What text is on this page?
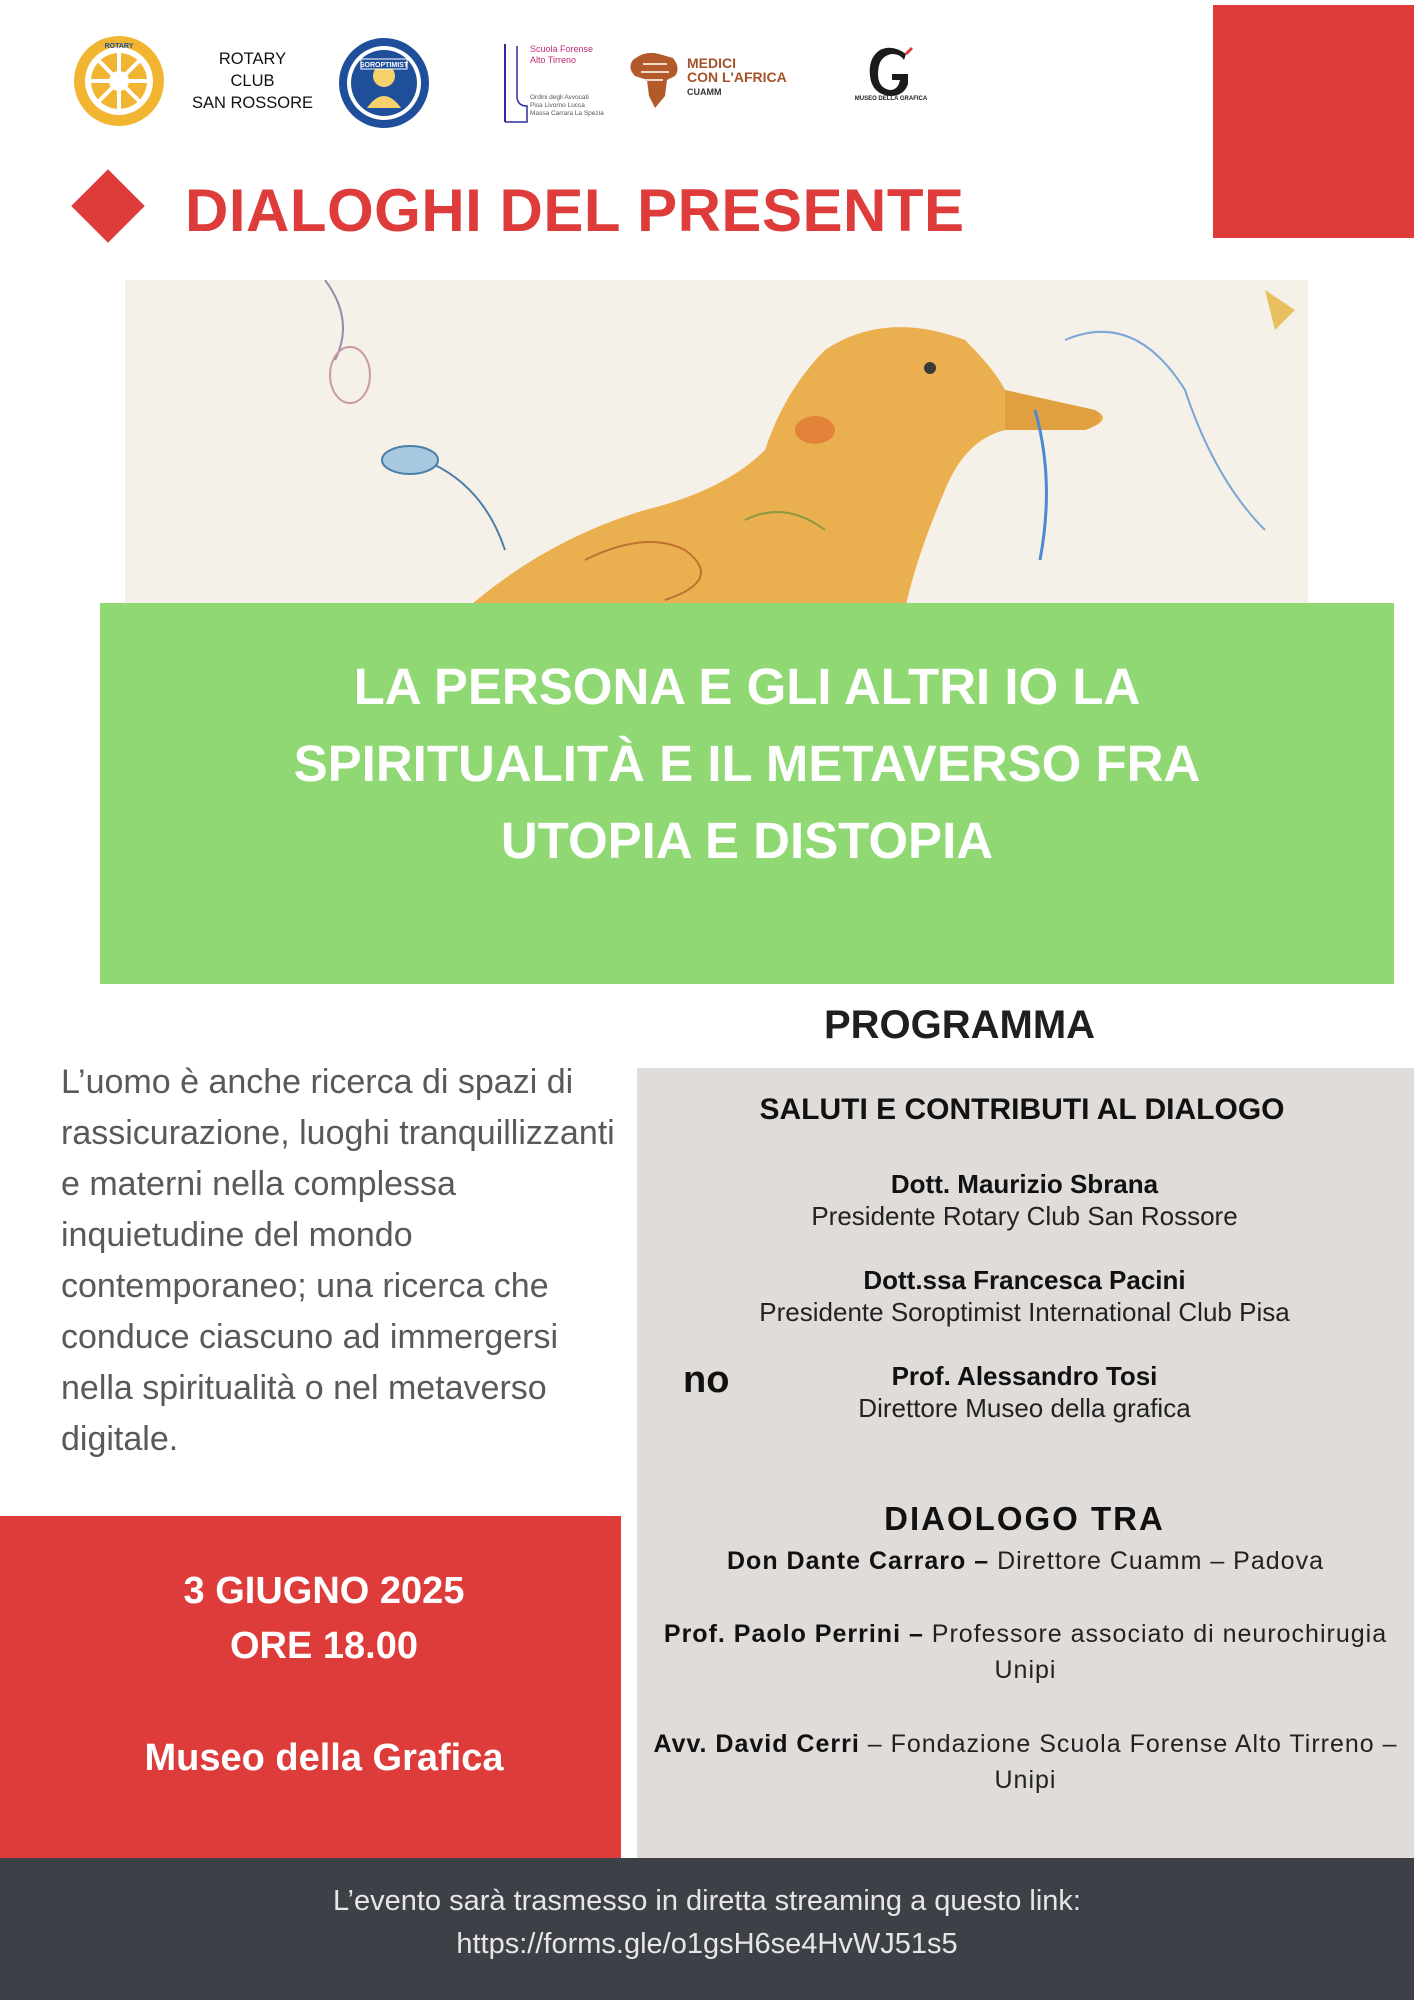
ROTARY
ROTARY
CLUB
SAN ROSSORE
SOROPTIMIST
Scuola Forense
Alto Tirreno
Ordini degli Avvocati
Pisa Livorno Lucca
Massa Carrara La Spezia
MEDICI
CON L'AFRICA
CUAMM
MUSEO DELLA GRAFICA
DIALOGHI DEL PRESENTE
LA PERSONA E GLI ALTRI IO LA
SPIRITUALITÀ E IL METAVERSO FRA
UTOPIA E DISTOPIA
L’uomo è anche ricerca di spazi di rassicurazione, luoghi tranquillizzanti e materni nella complessa inquietudine del mondo contemporaneo; una ricerca che conduce ciascuno ad immergersi nella spiritualità o nel metaverso digitale.
3 GIUGNO 2025
ORE 18.00
Museo della Grafica
PROGRAMMA
SALUTI E CONTRIBUTI AL DIALOGO
Dott. Maurizio Sbrana
Presidente Rotary Club San Rossore
Dott.ssa Francesca Pacini
Presidente Soroptimist International Club Pisa
no	Prof. Alessandro Tosi
Direttore Museo della grafica
DIAOLOGO TRA
Don Dante Carraro – Direttore Cuamm – Padova
Prof. Paolo Perrini – Professore associato di neurochirugia Unipi
Avv. David Cerri – Fondazione Scuola Forense Alto Tirreno – Unipi
L’evento sarà trasmesso in diretta streaming a questo link:
https://forms.gle/o1gsH6se4HvWJ51s5
